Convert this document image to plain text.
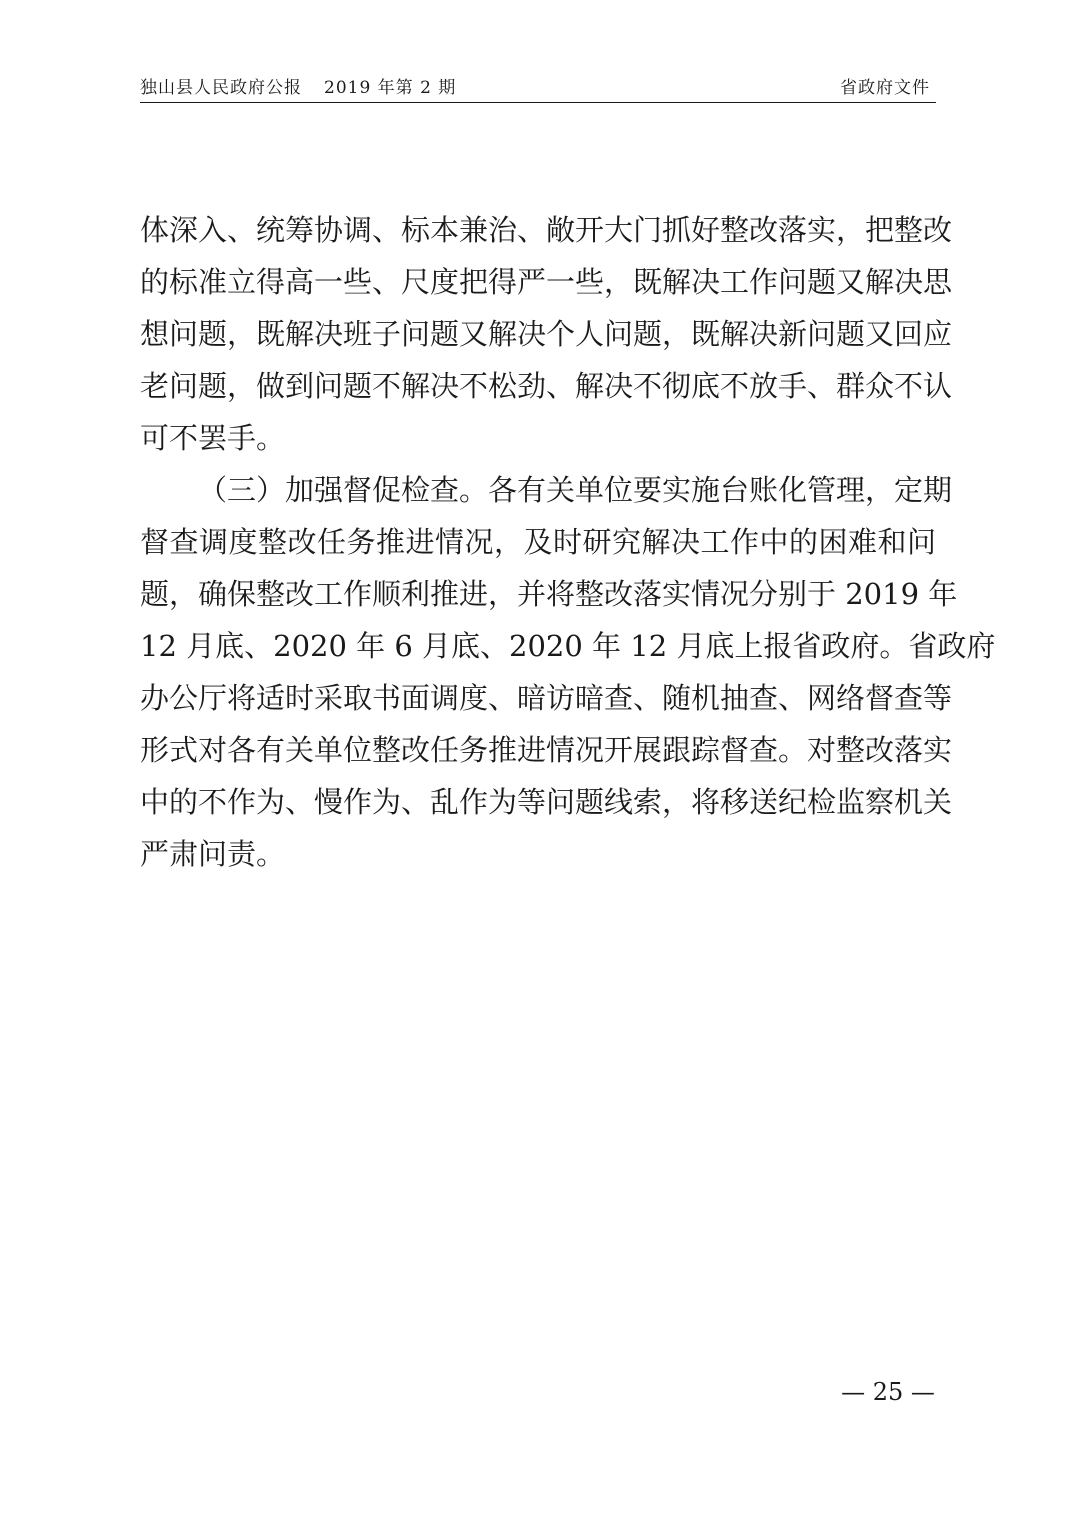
独山县人民政府公报 2019 年第 2 期	省政府文件
体深入、统筹协调、标本兼治、敞开大门抓好整改落实，把整改
的标准立得高一些、尺度把得严一些，既解决工作问题又解决思
想问题，既解决班子问题又解决个人问题，既解决新问题又回应
老问题，做到问题不解决不松劲、解决不彻底不放手、群众不认
可不罢手。
（三）加强督促检查。各有关单位要实施台账化管理，定期
督查调度整改任务推进情况，及时研究解决工作中的困难和问
题，确保整改工作顺利推进，并将整改落实情况分别于 2019 年
12 月底、2020 年 6 月底、2020 年 12 月底上报省政府。省政府
办公厅将适时采取书面调度、暗访暗查、随机抽查、网络督查等
形式对各有关单位整改任务推进情况开展跟踪督查。对整改落实
中的不作为、慢作为、乱作为等问题线索，将移送纪检监察机关
严肃问责。
— 25 —
